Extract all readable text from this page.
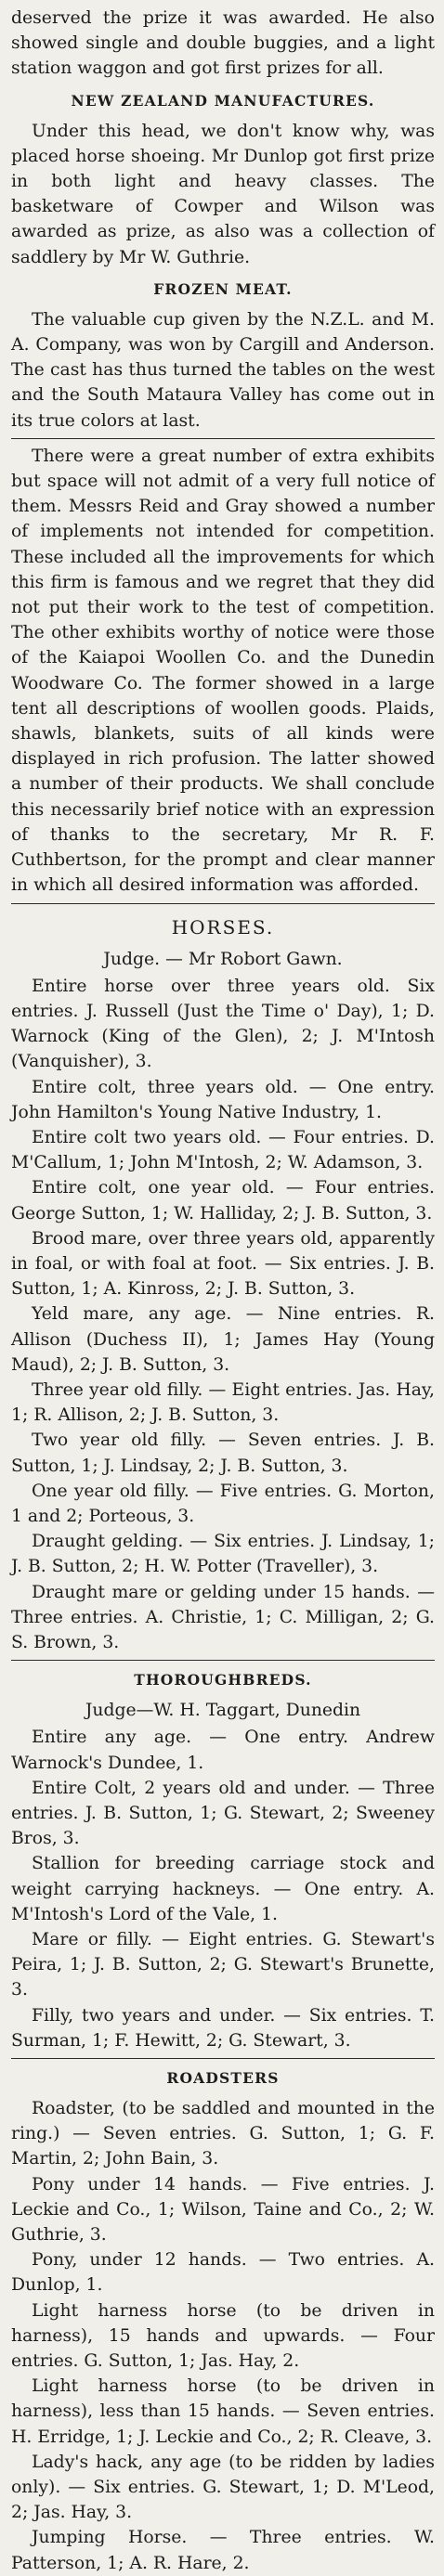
deserved the prize it was awarded. He also showed single and double buggies, and a light station waggon and got first prizes for all.

NEW ZEALAND MANUFACTURES.

Under this head, we don't know why, was placed horse shoeing. Mr Dunlop got first prize in both light and heavy classes. The basketware of Cowper and Wilson was awarded as prize, as also was a collection of saddlery by Mr W. Guthrie.

FROZEN MEAT.

The valuable cup given by the N.Z.L. and M. A. Company, was won by Cargill and Anderson. The cast has thus turned the tables on the west and the South Mataura Valley has come out in its true colors at last.

There were a great number of extra exhibits but space will not admit of a very full notice of them. Messrs Reid and Gray showed a number of implements not intended for competition. These included all the improvements for which this firm is famous and we regret that they did not put their work to the test of competition. The other exhibits worthy of notice were those of the Kaiapoi Woollen Co. and the Dunedin Woodware Co. The former showed in a large tent all descriptions of woollen goods. Plaids, shawls, blankets, suits of all kinds were displayed in rich profusion. The latter showed a number of their products. We shall conclude this necessarily brief notice with an expression of thanks to the secretary, Mr R. F. Cuthbertson, for the prompt and clear manner in which all desired information was afforded.

HORSES.

Judge. — Mr Robort Gawn.

Entire horse over three years old. Six entries. J. Russell (Just the Time o' Day), 1; D. Warnock (King of the Glen), 2; J. M'Intosh (Vanquisher), 3.

Entire colt, three years old. — One entry. John Hamilton's Young Native Industry, 1.

Entire colt two years old. — Four entries. D. M'Callum, 1; John M'Intosh, 2; W. Adamson, 3.

Entire colt, one year old. — Four entries. George Sutton, 1; W. Halliday, 2; J. B. Sutton, 3.

Brood mare, over three years old, apparently in foal, or with foal at foot. — Six entries. J. B. Sutton, 1; A. Kinross, 2; J. B. Sutton, 3.

Yeld mare, any age. — Nine entries. R. Allison (Duchess II), 1; James Hay (Young Maud), 2; J. B. Sutton, 3.

Three year old filly. — Eight entries. Jas. Hay, 1; R. Allison, 2; J. B. Sutton, 3.

Two year old filly. — Seven entries. J. B. Sutton, 1; J. Lindsay, 2; J. B. Sutton, 3.

One year old filly. — Five entries. G. Morton, 1 and 2; Porteous, 3.

Draught gelding. — Six entries. J. Lindsay, 1; J. B. Sutton, 2; H. W. Potter (Traveller), 3.

Draught mare or gelding under 15 hands. — Three entries. A. Christie, 1; C. Milligan, 2; G. S. Brown, 3.

THOROUGHBREDS.

Judge—W. H. Taggart, Dunedin

Entire any age. — One entry. Andrew Warnock's Dundee, 1.

Entire Colt, 2 years old and under. — Three entries. J. B. Sutton, 1; G. Stewart, 2; Sweeney Bros, 3.

Stallion for breeding carriage stock and weight carrying hackneys. — One entry. A. M'Intosh's Lord of the Vale, 1.

Mare or filly. — Eight entries. G. Stewart's Peira, 1; J. B. Sutton, 2; G. Stewart's Brunette, 3.

Filly, two years and under. — Six entries. T. Surman, 1; F. Hewitt, 2; G. Stewart, 3.

ROADSTERS

Roadster, (to be saddled and mounted in the ring.) — Seven entries. G. Sutton, 1; G. F. Martin, 2; John Bain, 3.

Pony under 14 hands. — Five entries. J. Leckie and Co., 1; Wilson, Taine and Co., 2; W. Guthrie, 3.

Pony, under 12 hands. — Two entries. A. Dunlop, 1.

Light harness horse (to be driven in harness), 15 hands and upwards. — Four entries. G. Sutton, 1; Jas. Hay, 2.

Light harness horse (to be driven in harness), less than 15 hands. — Seven entries. H. Erridge, 1; J. Leckie and Co., 2; R. Cleave, 3.

Lady's hack, any age (to be ridden by ladies only). — Six entries. G. Stewart, 1; D. M'Leod, 2; Jas. Hay, 3.

Jumping Horse. — Three entries. W. Patterson, 1; A. R. Hare, 2.
